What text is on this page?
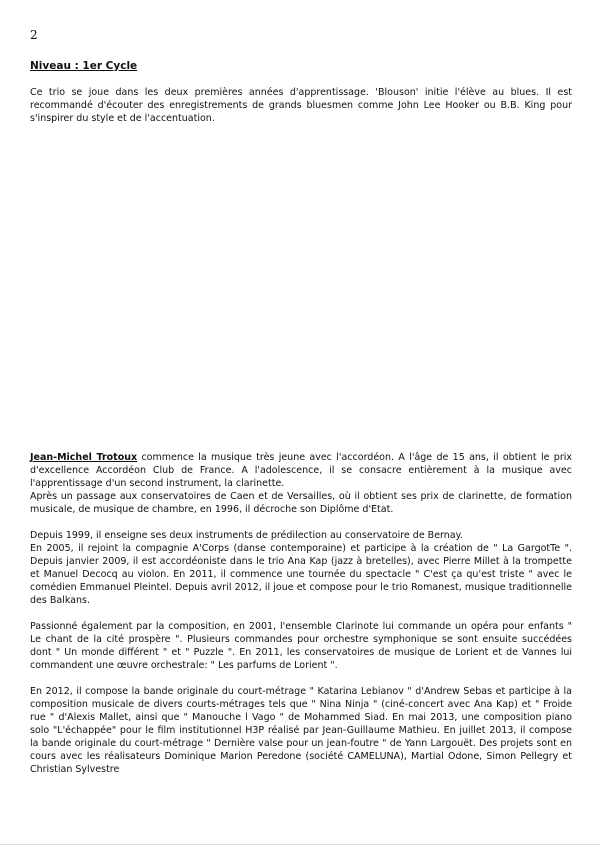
2
Niveau : 1er Cycle

Ce trio se joue dans les deux premières années d'apprentissage. 'Blouson' initie l'élève au blues. Il est recommandé d'écouter des enregistrements de grands bluesmen comme John Lee Hooker ou B.B. King pour s'inspirer du style et de l'accentuation.

Jean-Michel Trotoux commence la musique très jeune avec l'accordéon. A l'âge de 15 ans, il obtient le prix d'excellence Accordéon Club de France. A l'adolescence, il se consacre entièrement à la musique avec l'apprentissage d'un second instrument, la clarinette.

Après un passage aux conservatoires de Caen et de Versailles, où il obtient ses prix de clarinette, de formation musicale, de musique de chambre, en 1996, il décroche son Diplôme d'Etat.

Depuis 1999, il enseigne ses deux instruments de prédilection au conservatoire de Bernay.

En 2005, il rejoint la compagnie A'Corps (danse contemporaine) et participe à la création de " La GargotTe ". Depuis janvier 2009, il est accordéoniste dans le trio Ana Kap (jazz à bretelles), avec Pierre Millet à la trompette et Manuel Decocq au violon. En 2011, il commence une tournée du spectacle " C'est ça qu'est triste " avec le comédien Emmanuel Pleintel. Depuis avril 2012, il joue et compose pour le trio Romanest, musique traditionnelle des Balkans.

Passionné également par la composition, en 2001, l'ensemble Clarinote lui commande un opéra pour enfants " Le chant de la cité prospère ". Plusieurs commandes pour orchestre symphonique se sont ensuite succédées dont " Un monde différent " et " Puzzle ". En 2011, les conservatoires de musique de Lorient et de Vannes lui commandent une œuvre orchestrale: " Les parfums de Lorient ".

En 2012, il compose la bande originale du court-métrage " Katarina Lebianov " d'Andrew Sebas et participe à la composition musicale de divers courts-métrages tels que " Nina Ninja " (ciné-concert avec Ana Kap) et " Froide rue " d'Alexis Mallet, ainsi que " Manouche l Vago " de Mohammed Siad. En mai 2013, une composition piano solo "L'échappée" pour le film institutionnel H3P réalisé par Jean-Guillaume Mathieu. En juillet 2013, il compose la bande originale du court-métrage " Dernière valse pour un jean-foutre " de Yann Largouët. Des projets sont en cours avec les réalisateurs Dominique Marion Peredone (société CAMELUNA), Martial Odone, Simon Pellegry et Christian Sylvestre
